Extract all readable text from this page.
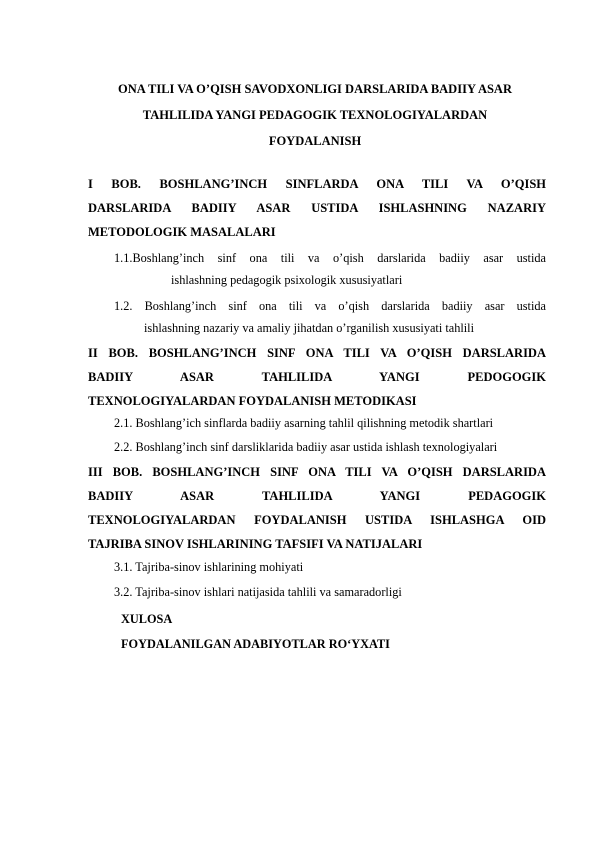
ONA TILI VA O’QISH SAVODXONLIGI DARSLARIDA BADIIY ASAR
TAHLILIDA YANGI PEDAGOGIK TEXNOLOGIYALARDAN
FOYDALANISH
I BOB. BOSHLANG’INCH SINFLARDA ONA TILI VA O’QISH
DARSLARIDA BADIIY ASAR USTIDA ISHLASHNING NAZARIY
METODOLOGIK MASALALARI
1.1.Boshlang’inch sinf ona tili va o’qish darslarida badiiy asar ustida
ishlashning pedagogik psixologik xususiyatlari
1.2. Boshlang’inch sinf ona tili va o’qish darslarida badiiy asar ustida
ishlashning nazariy va amaliy jihatdan o’rganilish xususiyati tahlili
II BOB. BOSHLANG’INCH SINF ONA TILI VA O’QISH DARSLARIDA
BADIIY ASAR TAHLILIDA YANGI PEDOGOGIK
TEXNOLOGIYALARDAN FOYDALANISH METODIKASI
2.1. Boshlang’ich sinflarda badiiy asarning tahlil qilishning metodik shartlari
2.2. Boshlang’inch sinf darsliklarida badiiy asar ustida ishlash texnologiyalari
III BOB. BOSHLANG’INCH SINF ONA TILI VA O’QISH DARSLARIDA
BADIIY ASAR TAHLILIDA YANGI PEDAGOGIK
TEXNOLOGIYALARDAN FOYDALANISH USTIDA ISHLASHGA OID
TAJRIBA SINOV ISHLARINING TAFSIFI VA NATIJALARI
3.1. Tajriba-sinov ishlarining mohiyati
3.2. Tajriba-sinov ishlari natijasida tahlili va samaradorligi
XULOSA
FOYDALANILGAN ADABIYOTLAR RO‘YXATI
